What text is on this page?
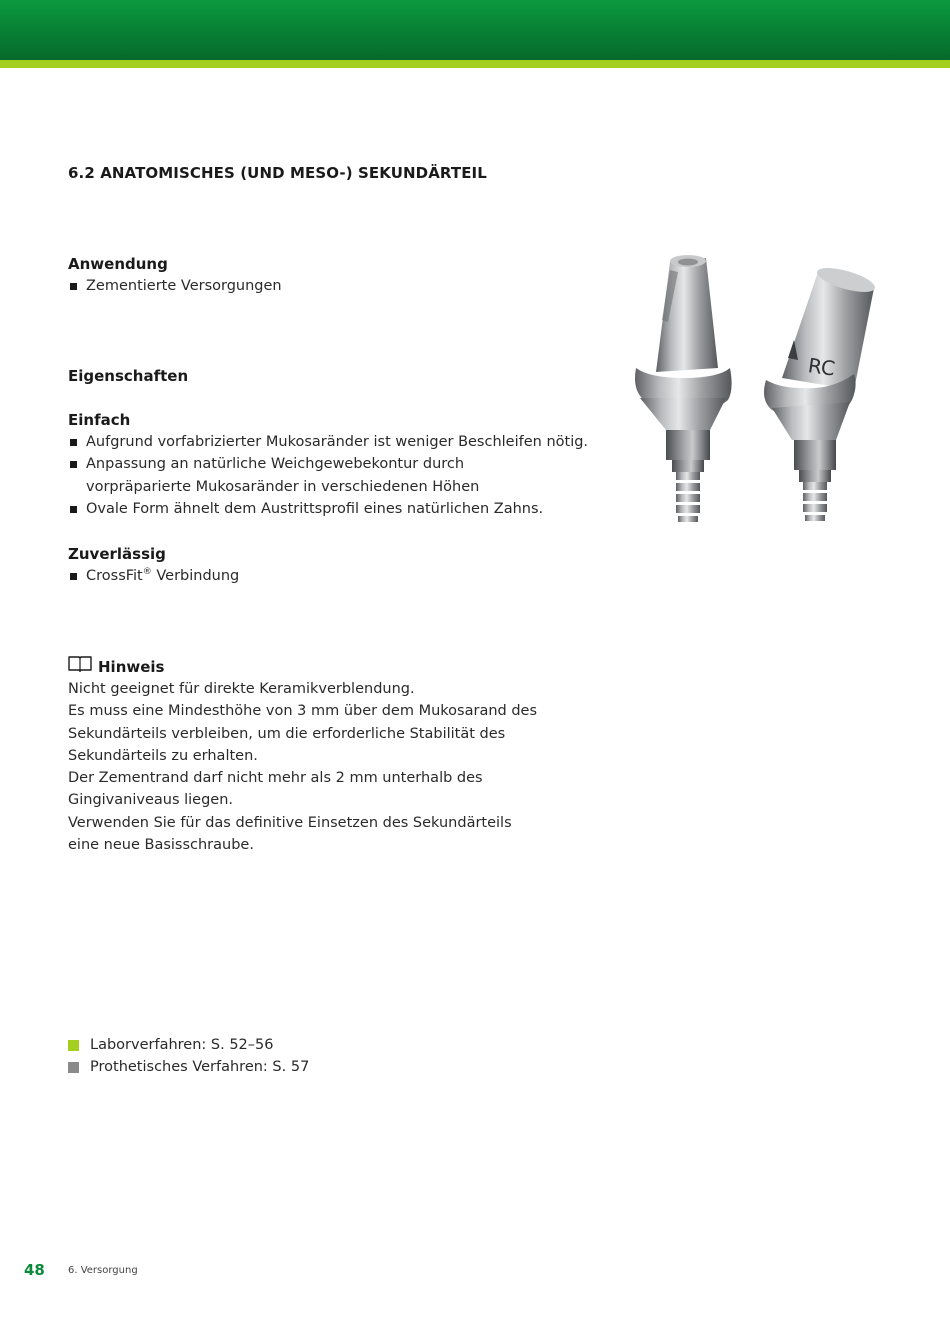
6.2 ANATOMISCHES (UND MESO-) SEKUNDÄRTEIL
Anwendung
Zementierte Versorgungen
Eigenschaften
Einfach
Aufgrund vorfabrizierter Mukosaränder ist weniger Beschleifen nötig.
Anpassung an natürliche Weichgewebekontur durch vorpräparierte Mukosaränder in verschiedenen Höhen
Ovale Form ähnelt dem Austrittsprofil eines natürlichen Zahns.
Zuverlässig
CrossFit® Verbindung
Hinweis
Nicht geeignet für direkte Keramikverblendung.
Es muss eine Mindesthöhe von 3 mm über dem Mukosarand des Sekundärteils verbleiben, um die erforderliche Stabilität des Sekundärteils zu erhalten.
Der Zementrand darf nicht mehr als 2 mm unterhalb des Gingivaniveaus liegen.
Verwenden Sie für das definitive Einsetzen des Sekundärteils eine neue Basisschraube.
Laborverfahren: S. 52–56
Prothetisches Verfahren: S. 57
RC
48 6. Versorgung
